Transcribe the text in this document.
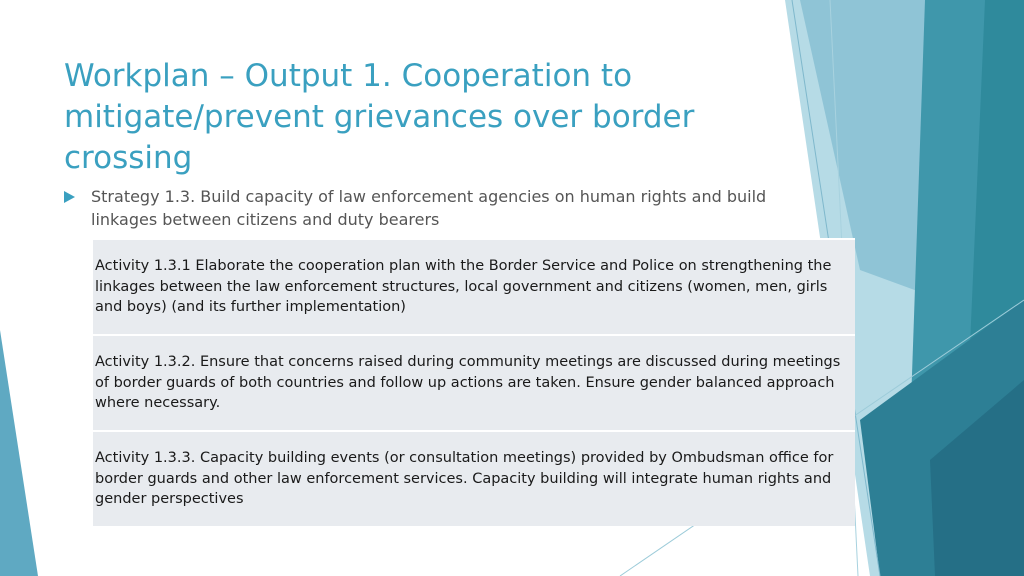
Workplan – Output 1. Cooperation to mitigate/prevent grievances over border crossing
Strategy 1.3. Build capacity of law enforcement agencies on human rights and build linkages between citizens and duty bearers
Activity 1.3.1 Elaborate the cooperation plan with the Border Service and Police on strengthening the linkages between the law enforcement structures, local government and citizens (women, men, girls and boys) (and its further implementation)
Activity 1.3.2. Ensure that concerns raised during community meetings are discussed during meetings of border guards of both countries and follow up actions are taken. Ensure gender balanced approach where necessary.
Activity 1.3.3. Capacity building events (or consultation meetings) provided by Ombudsman office for border guards and other law enforcement services. Capacity building will integrate human rights and gender perspectives
